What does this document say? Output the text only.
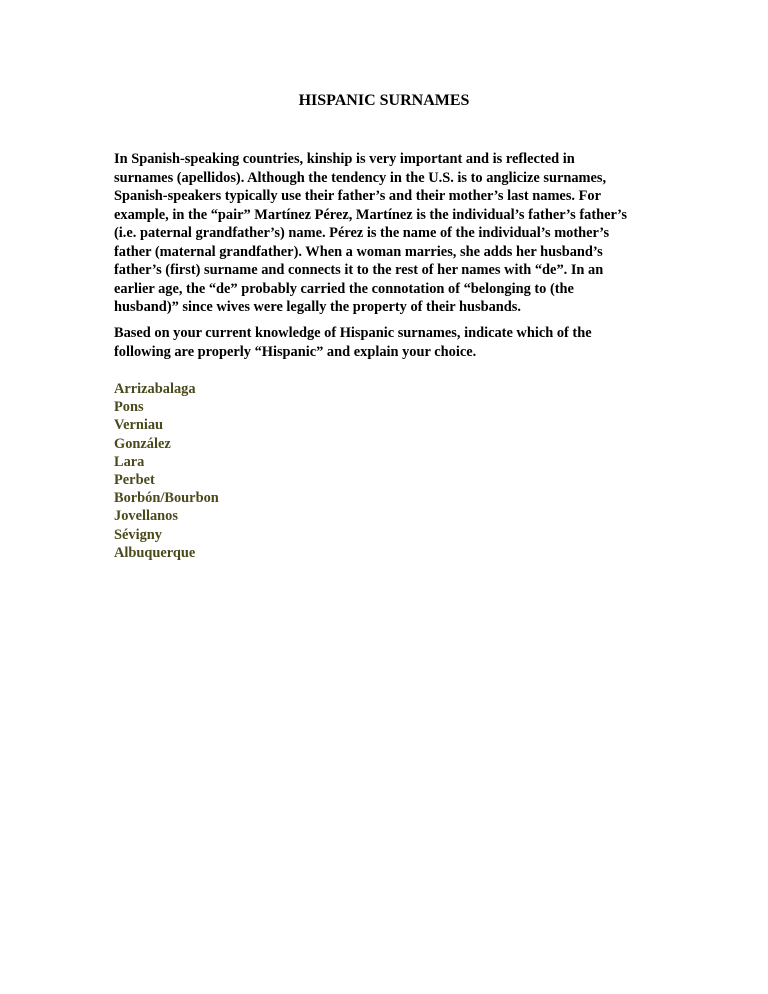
HISPANIC SURNAMES

In Spanish-speaking countries, kinship is very important and is reflected in
surnames (apellidos). Although the tendency in the U.S. is to anglicize surnames,
Spanish-speakers typically use their father’s and their mother’s last names. For
example, in the “pair” Martínez Pérez, Martínez is the individual’s father’s father’s
(i.e. paternal grandfather’s) name. Pérez is the name of the individual’s mother’s
father (maternal grandfather). When a woman marries, she adds her husband’s
father’s (first) surname and connects it to the rest of her names with “de”. In an
earlier age, the “de” probably carried the connotation of “belonging to (the
husband)” since wives were legally the property of their husbands.

Based on your current knowledge of Hispanic surnames, indicate which of the
following are properly “Hispanic” and explain your choice.

Arrizabalaga
Pons
Verniau
González
Lara
Perbet
Borbón/Bourbon
Jovellanos
Sévigny
Albuquerque
